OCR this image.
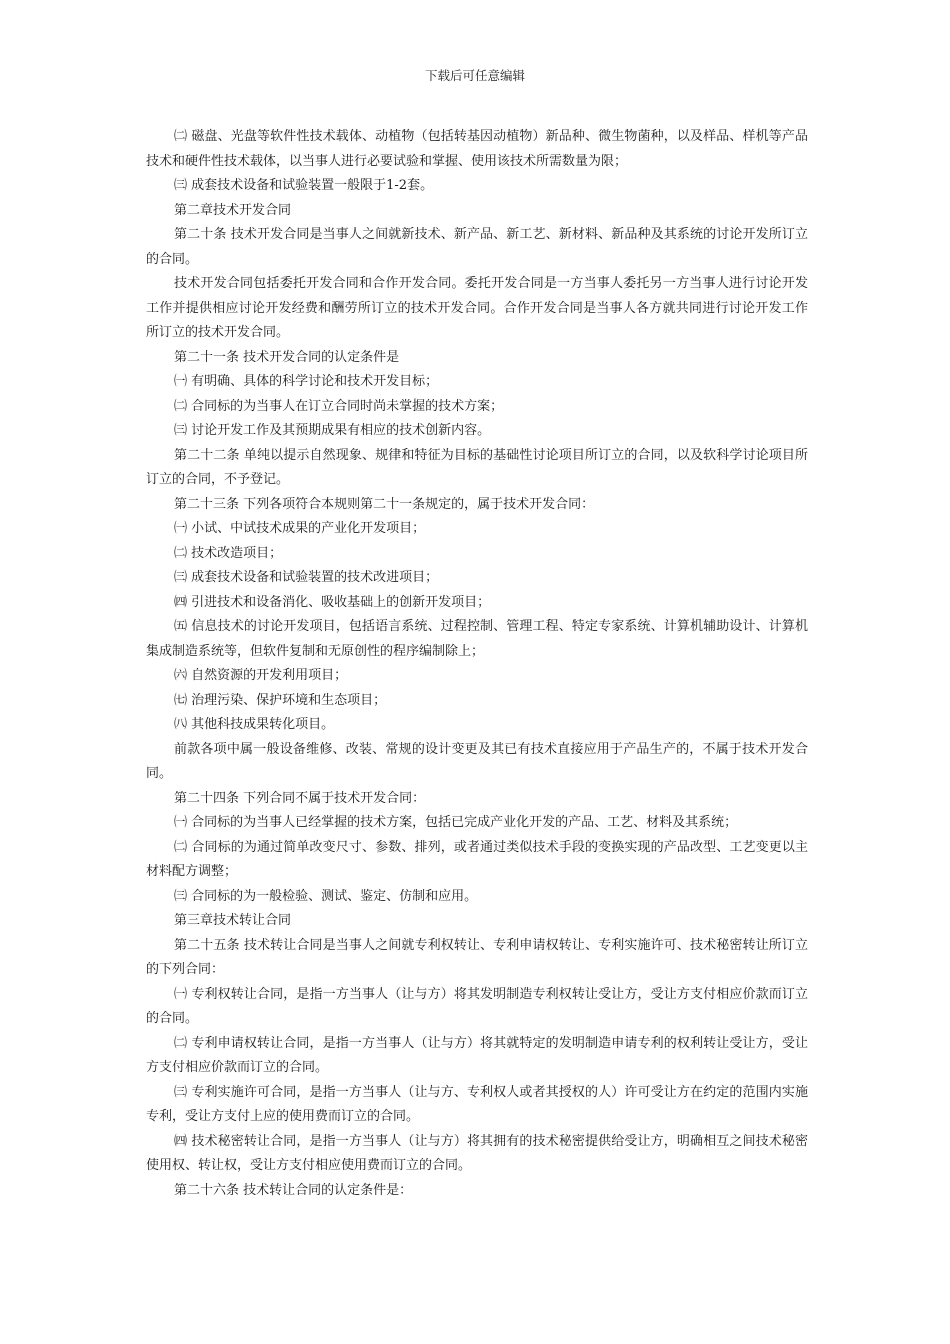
下载后可任意编辑

㈡ 磁盘、光盘等软件性技术载体、动植物（包括转基因动植物）新品种、微生物菌种，以及样品、样机等产品技术和硬件性技术载体，以当事人进行必要试验和掌握、使用该技术所需数量为限；

㈢ 成套技术设备和试验装置一般限于1-2套。

第二章技术开发合同

第二十条 技术开发合同是当事人之间就新技术、新产品、新工艺、新材料、新品种及其系统的讨论开发所订立的合同。

技术开发合同包括委托开发合同和合作开发合同。委托开发合同是一方当事人委托另一方当事人进行讨论开发工作并提供相应讨论开发经费和酬劳所订立的技术开发合同。合作开发合同是当事人各方就共同进行讨论开发工作所订立的技术开发合同。

第二十一条 技术开发合同的认定条件是

㈠ 有明确、具体的科学讨论和技术开发目标；

㈡ 合同标的为当事人在订立合同时尚未掌握的技术方案；

㈢ 讨论开发工作及其预期成果有相应的技术创新内容。

第二十二条 单纯以提示自然现象、规律和特征为目标的基础性讨论项目所订立的合同，以及软科学讨论项目所订立的合同，不予登记。

第二十三条 下列各项符合本规则第二十一条规定的，属于技术开发合同：

㈠ 小试、中试技术成果的产业化开发项目；

㈡ 技术改造项目；

㈢ 成套技术设备和试验装置的技术改进项目；

㈣ 引进技术和设备消化、吸收基础上的创新开发项目；

㈤ 信息技术的讨论开发项目，包括语言系统、过程控制、管理工程、特定专家系统、计算机辅助设计、计算机集成制造系统等，但软件复制和无原创性的程序编制除上；

㈥ 自然资源的开发利用项目；

㈦ 治理污染、保护环境和生态项目；

㈧ 其他科技成果转化项目。

前款各项中属一般设备维修、改装、常规的设计变更及其已有技术直接应用于产品生产的，不属于技术开发合同。

第二十四条 下列合同不属于技术开发合同：

㈠ 合同标的为当事人已经掌握的技术方案，包括已完成产业化开发的产品、工艺、材料及其系统；

㈡ 合同标的为通过简单改变尺寸、参数、排列，或者通过类似技术手段的变换实现的产品改型、工艺变更以主材料配方调整；

㈢ 合同标的为一般检验、测试、鉴定、仿制和应用。

第三章技术转让合同

第二十五条 技术转让合同是当事人之间就专利权转让、专利申请权转让、专利实施许可、技术秘密转让所订立的下列合同：

㈠ 专利权转让合同，是指一方当事人（让与方）将其发明制造专利权转让受让方，受让方支付相应价款而订立的合同。

㈡ 专利申请权转让合同，是指一方当事人（让与方）将其就特定的发明制造申请专利的权利转让受让方，受让方支付相应价款而订立的合同。

㈢ 专利实施许可合同，是指一方当事人（让与方、专利权人或者其授权的人）许可受让方在约定的范围内实施专利，受让方支付上应的使用费而订立的合同。

㈣ 技术秘密转让合同，是指一方当事人（让与方）将其拥有的技术秘密提供给受让方，明确相互之间技术秘密使用权、转让权，受让方支付相应使用费而订立的合同。

第二十六条 技术转让合同的认定条件是：
